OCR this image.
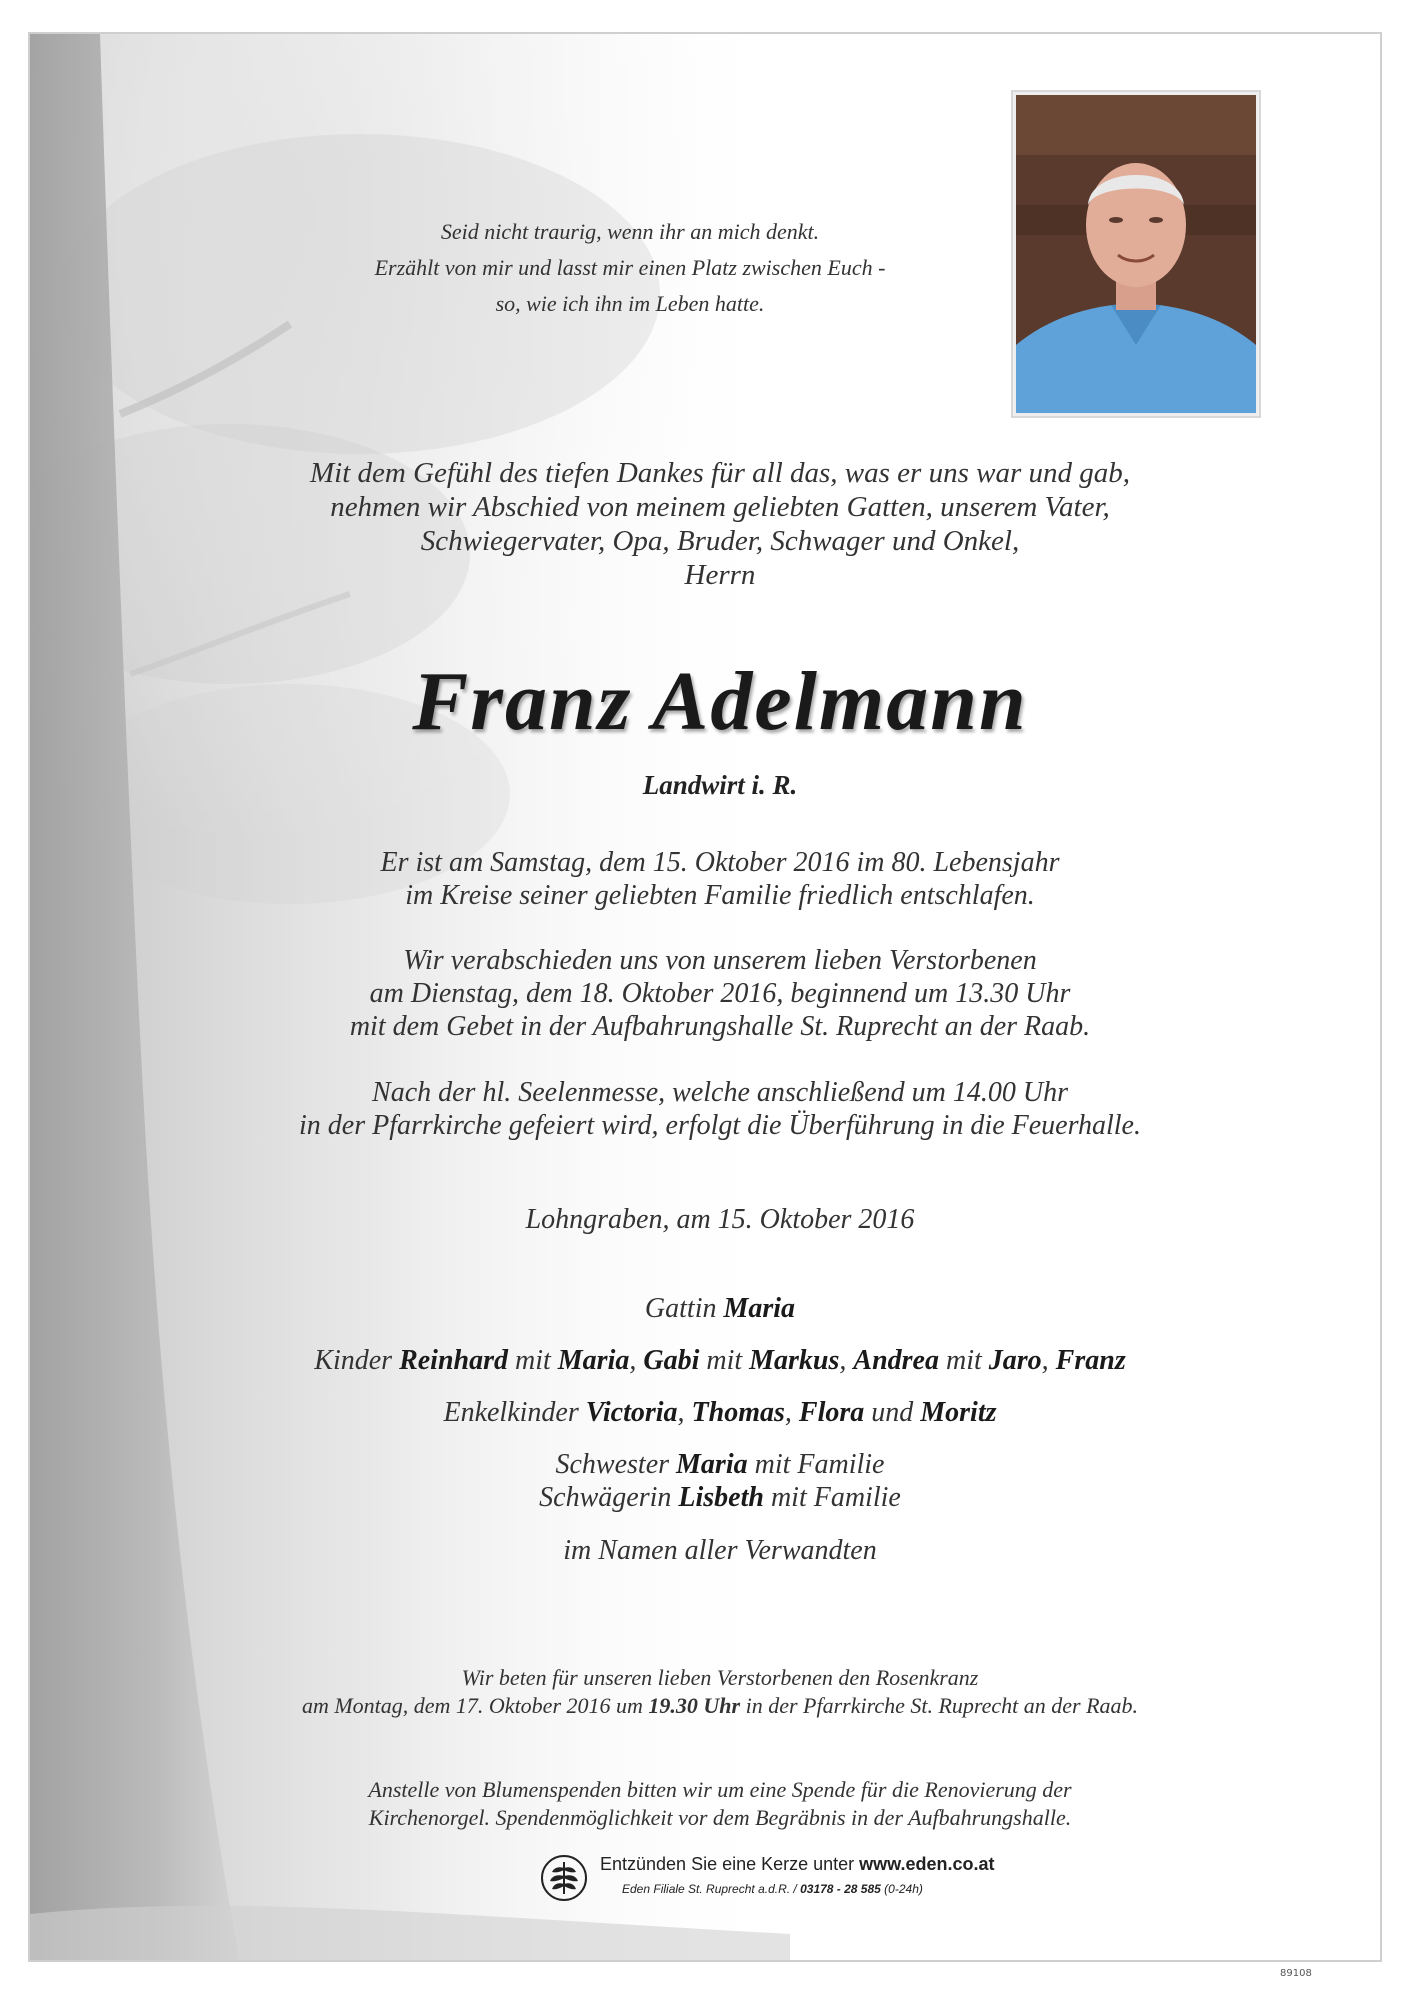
Seid nicht traurig, wenn ihr an mich denkt.
Erzählt von mir und lasst mir einen Platz zwischen Euch -
so, wie ich ihn im Leben hatte.
Mit dem Gefühl des tiefen Dankes für all das, was er uns war und gab,
nehmen wir Abschied von meinem geliebten Gatten, unserem Vater,
Schwiegervater, Opa, Bruder, Schwager und Onkel,
Herrn
Franz Adelmann
Landwirt i. R.
Er ist am Samstag, dem 15. Oktober 2016 im 80. Lebensjahr
im Kreise seiner geliebten Familie friedlich entschlafen.
Wir verabschieden uns von unserem lieben Verstorbenen
am Dienstag, dem 18. Oktober 2016, beginnend um 13.30 Uhr
mit dem Gebet in der Aufbahrungshalle St. Ruprecht an der Raab.
Nach der hl. Seelenmesse, welche anschließend um 14.00 Uhr
in der Pfarrkirche gefeiert wird, erfolgt die Überführung in die Feuerhalle.
Lohngraben, am 15. Oktober 2016
Gattin Maria
Kinder Reinhard mit Maria, Gabi mit Markus, Andrea mit Jaro, Franz
Enkelkinder Victoria, Thomas, Flora und Moritz
Schwester Maria mit Familie
Schwägerin Lisbeth mit Familie
im Namen aller Verwandten
Wir beten für unseren lieben Verstorbenen den Rosenkranz
am Montag, dem 17. Oktober 2016 um 19.30 Uhr in der Pfarrkirche St. Ruprecht an der Raab.
Anstelle von Blumenspenden bitten wir um eine Spende für die Renovierung der
Kirchenorgel. Spendenmöglichkeit vor dem Begräbnis in der Aufbahrungshalle.
Entzünden Sie eine Kerze unter www.eden.co.at
Eden Filiale St. Ruprecht a.d.R. / 03178 - 28 585 (0-24h)
89108
